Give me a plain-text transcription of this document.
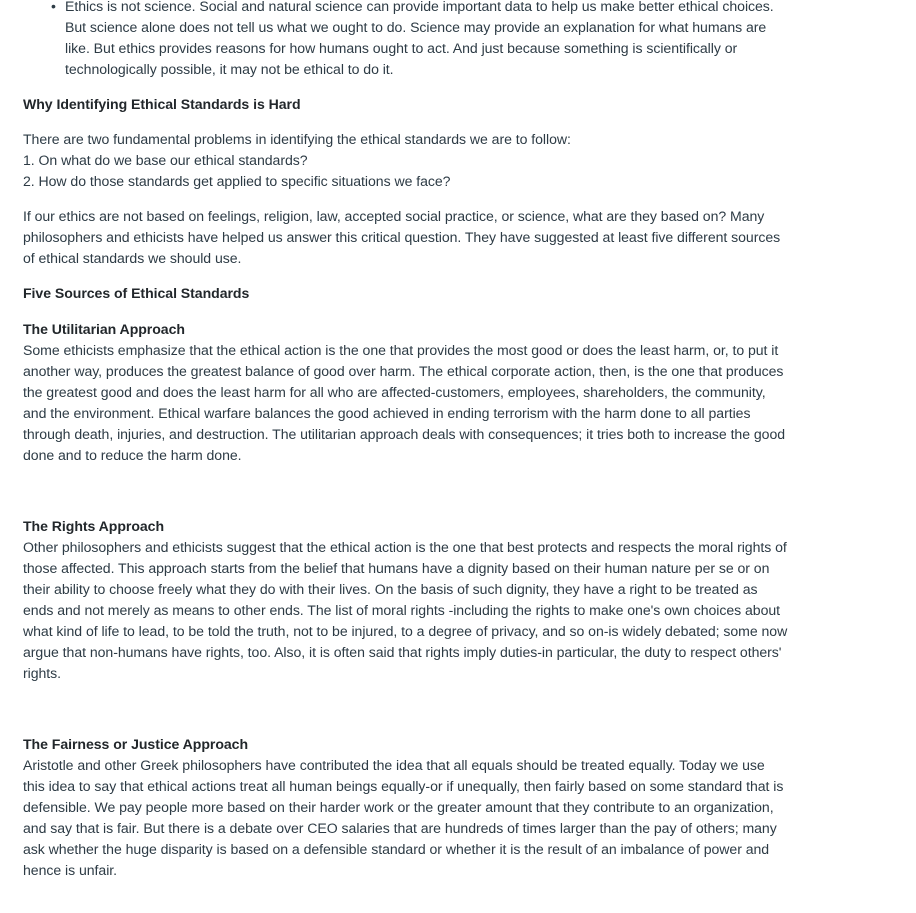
• Ethics is not science. Social and natural science can provide important data to help us make better ethical choices. But science alone does not tell us what we ought to do. Science may provide an explanation for what humans are like. But ethics provides reasons for how humans ought to act. And just because something is scientifically or technologically possible, it may not be ethical to do it.

Why Identifying Ethical Standards is Hard

There are two fundamental problems in identifying the ethical standards we are to follow:

1. On what do we base our ethical standards?

2. How do those standards get applied to specific situations we face?

If our ethics are not based on feelings, religion, law, accepted social practice, or science, what are they based on? Many philosophers and ethicists have helped us answer this critical question. They have suggested at least five different sources of ethical standards we should use.

Five Sources of Ethical Standards

The Utilitarian Approach

Some ethicists emphasize that the ethical action is the one that provides the most good or does the least harm, or, to put it another way, produces the greatest balance of good over harm. The ethical corporate action, then, is the one that produces the greatest good and does the least harm for all who are affected-customers, employees, shareholders, the community, and the environment. Ethical warfare balances the good achieved in ending terrorism with the harm done to all parties through death, injuries, and destruction. The utilitarian approach deals with consequences; it tries both to increase the good done and to reduce the harm done.

The Rights Approach

Other philosophers and ethicists suggest that the ethical action is the one that best protects and respects the moral rights of those affected. This approach starts from the belief that humans have a dignity based on their human nature per se or on their ability to choose freely what they do with their lives. On the basis of such dignity, they have a right to be treated as ends and not merely as means to other ends. The list of moral rights -including the rights to make one's own choices about what kind of life to lead, to be told the truth, not to be injured, to a degree of privacy, and so on-is widely debated; some now argue that non-humans have rights, too. Also, it is often said that rights imply duties-in particular, the duty to respect others' rights.

The Fairness or Justice Approach

Aristotle and other Greek philosophers have contributed the idea that all equals should be treated equally. Today we use this idea to say that ethical actions treat all human beings equally-or if unequally, then fairly based on some standard that is defensible. We pay people more based on their harder work or the greater amount that they contribute to an organization, and say that is fair. But there is a debate over CEO salaries that are hundreds of times larger than the pay of others; many ask whether the huge disparity is based on a defensible standard or whether it is the result of an imbalance of power and hence is unfair.
